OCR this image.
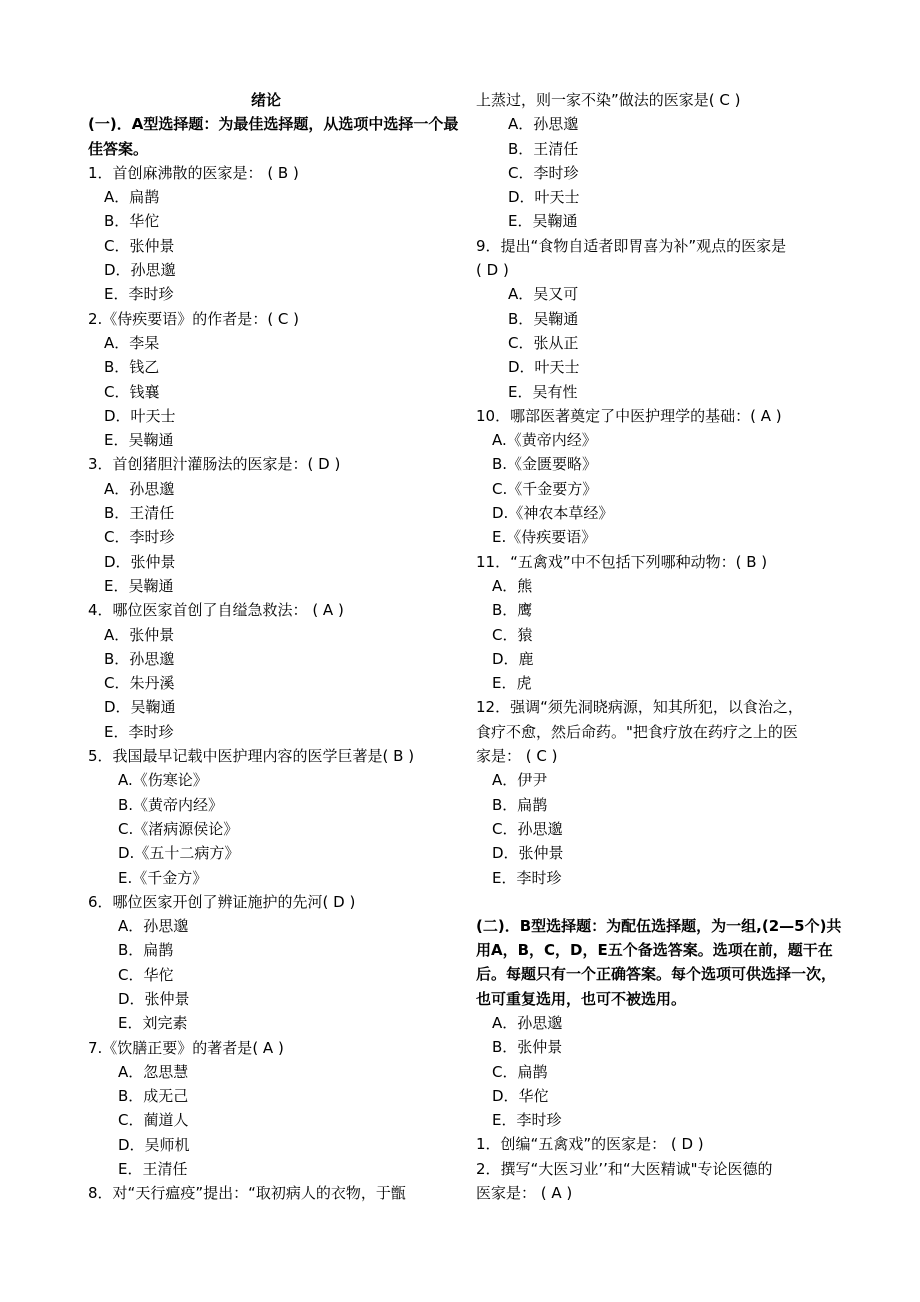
绪论
(一)．A型选择题：为最佳选择题，从选项中选择一个最佳答案。
1．首创麻沸散的医家是： ( B )
A．扁鹊
B．华佗
C．张仲景
D．孙思邈
E．李时珍
2.《侍疾要语》的作者是：( C )
A．李杲
B．钱乙
C．钱襄
D．叶天士
E．吴鞠通
3．首创猪胆汁灌肠法的医家是：( D )
A．孙思邈
B．王清任
C．李时珍
D．张仲景
E．吴鞠通
4．哪位医家首创了自缢急救法： ( A )
A．张仲景
B．孙思邈
C．朱丹溪
D．吴鞠通
E．李时珍
5．我国最早记载中医护理内容的医学巨著是( B )
A.《伤寒论》
B.《黄帝内经》
C.《渚病源侯论》
D.《五十二病方》
E.《千金方》
6．哪位医家开创了辨证施护的先河( D )
A．孙思邈
B．扁鹊
C．华佗
D．张仲景
E．刘完素
7.《饮膳正要》的著者是( A )
A．忽思慧
B．成无己
C．蔺道人
D．吴师机
E．王清任
8．对“天行瘟疫”提出：“取初病人的衣物，于甑
上蒸过，则一家不染”做法的医家是( C )
A．孙思邈
B．王清任
C．李时珍
D．叶天士
E．吴鞠通
9．提出“食物自适者即胃喜为补”观点的医家是
( D )
A．吴又可
B．吴鞠通
C．张从正
D．叶天士
E．吴有性
10．哪部医著奠定了中医护理学的基础：( A )
A.《黄帝内经》
B.《金匮要略》
C.《千金要方》
D.《神农本草经》
E.《侍疾要语》
11．“五禽戏”中不包括下列哪种动物：( B )
A．熊
B．鹰
C．猿
D．鹿
E．虎
12．强调“须先洞晓病源，知其所犯，以食治之，
食疗不愈，然后命药。"把食疗放在药疗之上的医
家是： ( C )
A．伊尹
B．扁鹊
C．孙思邈
D．张仲景
E．李时珍
(二)．B型选择题：为配伍选择题，为一组,(2—5个)共用A，B，C，D，E五个备选答案。选项在前，题干在后。每题只有一个正确答案。每个选项可供选择一次，也可重复选用，也可不被选用。
A．孙思邈
B．张仲景
C．扁鹊
D．华佗
E．李时珍
1．创编“五禽戏”的医家是： ( D )
2．撰写“大医习业’’和“大医精诚"专论医德的
医家是： ( A )
